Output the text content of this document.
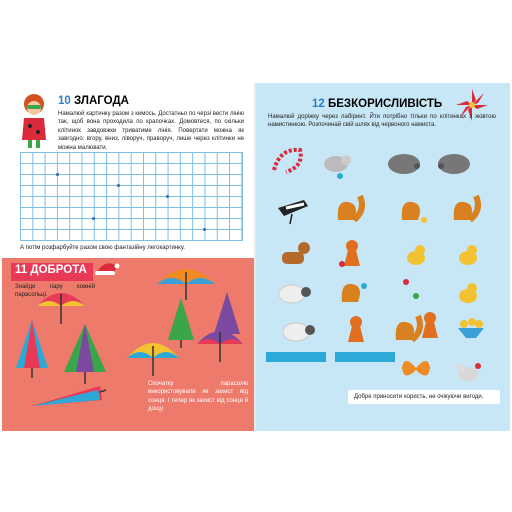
10 ЗЛАГОДА
Намалюй картинку разом з кимось. Достатньо по черзі вести лінію так, щоб вона проходила по крапочках. Домовтеся, по скільки клітинок завдовжки триватиме лінія. Повертати можна як завгодно: вгору, вниз, ліворуч, праворуч, лише через клітинки не можна малювати.
А потім розфарбуйте разом свою фантазійну легокартинку.
11 ДОБРОТА
Знайди пару кожній парасольці.
Спочатку парасолю використовували як захист від сонця. І тепер як захист від сонця й дощу.
12 БЕЗКОРИСЛИВІСТЬ
Намалюй доріжку через лабіринт. Йти потрібно тільки по клітинках з жовтою намистинкою. Розпочинай свій шлях від червоного намиста.
Добре приносити користь, не очікуючи вигоди.
